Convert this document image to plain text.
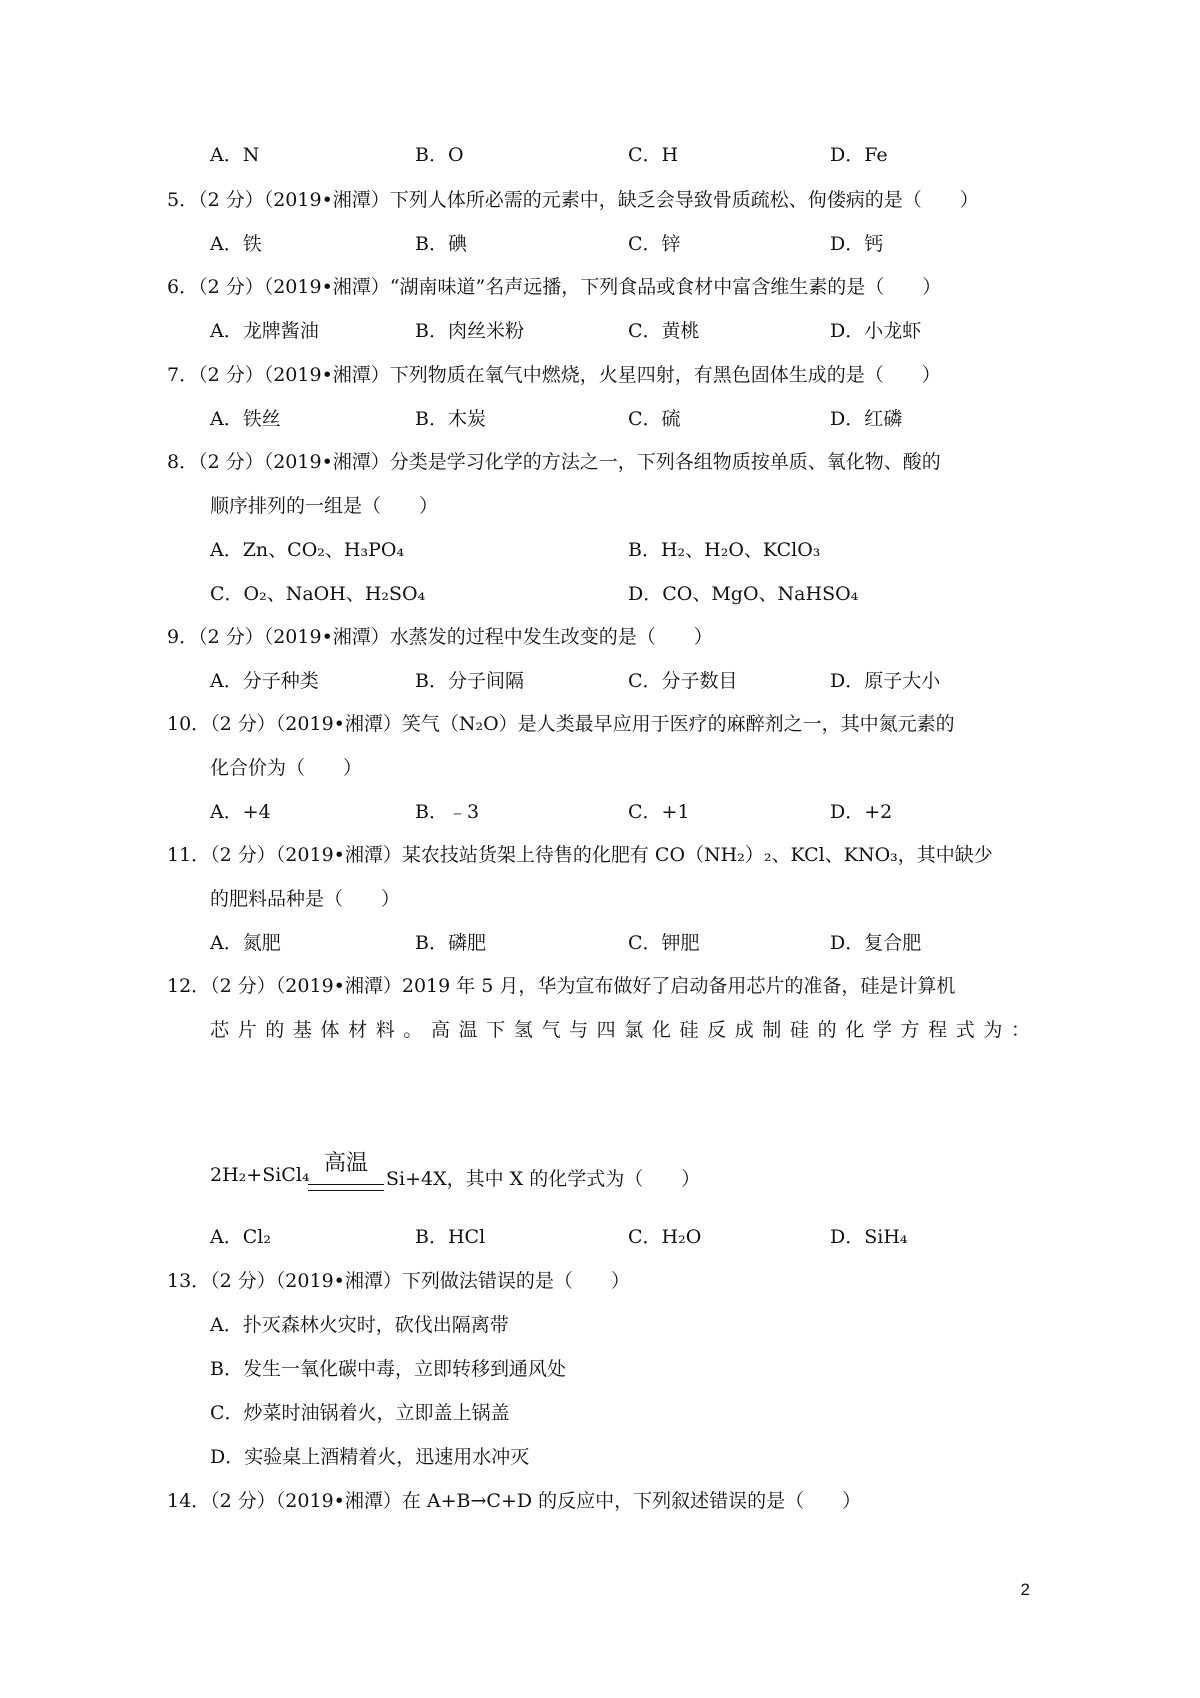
A．N	B．O	C．H	D．Fe
5．（2 分）（2019•湘潭）下列人体所必需的元素中，缺乏会导致骨质疏松、佝偻病的是（　　）
A．铁	B．碘	C．锌	D．钙
6．（2 分）（2019•湘潭）“湖南味道”名声远播，下列食品或食材中富含维生素的是（　　）
A．龙牌酱油	B．肉丝米粉	C．黄桃	D．小龙虾
7．（2 分）（2019•湘潭）下列物质在氧气中燃烧，火星四射，有黑色固体生成的是（　　）
A．铁丝	B．木炭	C．硫	D．红磷
8．（2 分）（2019•湘潭）分类是学习化学的方法之一，下列各组物质按单质、氧化物、酸的
顺序排列的一组是（　　）
A．Zn、CO₂、H₃PO₄	B．H₂、H₂O、KClO₃
C．O₂、NaOH、H₂SO₄	D．CO、MgO、NaHSO₄
9．（2 分）（2019•湘潭）水蒸发的过程中发生改变的是（　　）
A．分子种类	B．分子间隔	C．分子数目	D．原子大小
10．（2 分）（2019•湘潭）笑气（N₂O）是人类最早应用于医疗的麻醉剂之一，其中氮元素的
化合价为（　　）
A．+4	B．﹣3	C．+1	D．+2
11．（2 分）（2019•湘潭）某农技站货架上待售的化肥有 CO（NH₂）₂、KCl、KNO₃，其中缺少
的肥料品种是（　　）
A．氮肥	B．磷肥	C．钾肥	D．复合肥
12．（2 分）（2019•湘潭）2019 年 5 月，华为宣布做好了启动备用芯片的准备，硅是计算机
芯片的基体材料。高温下氢气与四氯化硅反成制硅的化学方程式为：
2H₂+SiCl₄ 高温
Si+4X，其中 X 的化学式为（　　）
A．Cl₂	B．HCl	C．H₂O	D．SiH₄
13．（2 分）（2019•湘潭）下列做法错误的是（　　）
A．扑灭森林火灾时，砍伐出隔离带
B．发生一氧化碳中毒，立即转移到通风处
C．炒菜时油锅着火，立即盖上锅盖
D．实验桌上酒精着火，迅速用水冲灭
14．（2 分）（2019•湘潭）在 A+B→C+D 的反应中，下列叙述错误的是（　　）
2
